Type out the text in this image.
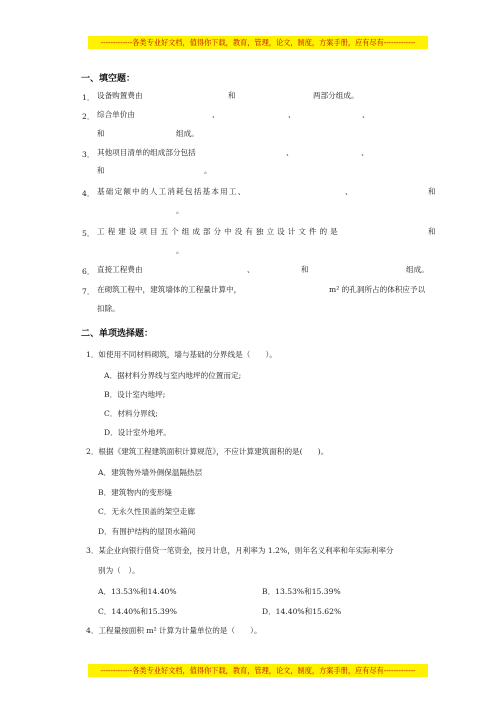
-------------各类专业好文档，值得你下载，教育，管理，论文，制度，方案手册，应有尽有-------------
一、填空题：
1． 设备购置费由	和	两部分组成。
2． 综合单价由	、	、	、
和	组成。
3． 其他项目清单的组成部分包括	、	、
和	。
4． 基础定额中的人工消耗包括基本用工、	、	和
。
5． 工程建设项目五个组成部分中没有独立设计文件的是	和
。
6． 直接工程费由	、	和	组成。
7． 在砌筑工程中，建筑墙体的工程量计算中，	m² 的孔洞所占的体积应予以
扣除。
二、单项选择题：
1．如使用不同材料砌筑，墙与基础的分界线是（　　）。
A．据材料分界线与室内地坪的位置而定;
B．设计室内地坪;
C．材料分界线;
D．设计室外地坪。
2．根据《建筑工程建筑面积计算规范》，不应计算建筑面积的是(　　)。
A．建筑物外墙外侧保温隔热层
B．建筑物内的变形缝
C．无永久性顶盖的架空走廊
D．有围护结构的屋顶水箱间
3．某企业向银行借贷一笔资金，按月计息，月利率为 1.2%，则年名义利率和年实际利率分
别为（　）。
A．13.53%和14.40%	B．13.53%和15.39%
C．14.40%和15.39%	D．14.40%和15.62%
4．工程量按面积 m² 计算为计量单位的是（　　）。
-------------各类专业好文档，值得你下载，教育，管理，论文，制度，方案手册，应有尽有-------------
